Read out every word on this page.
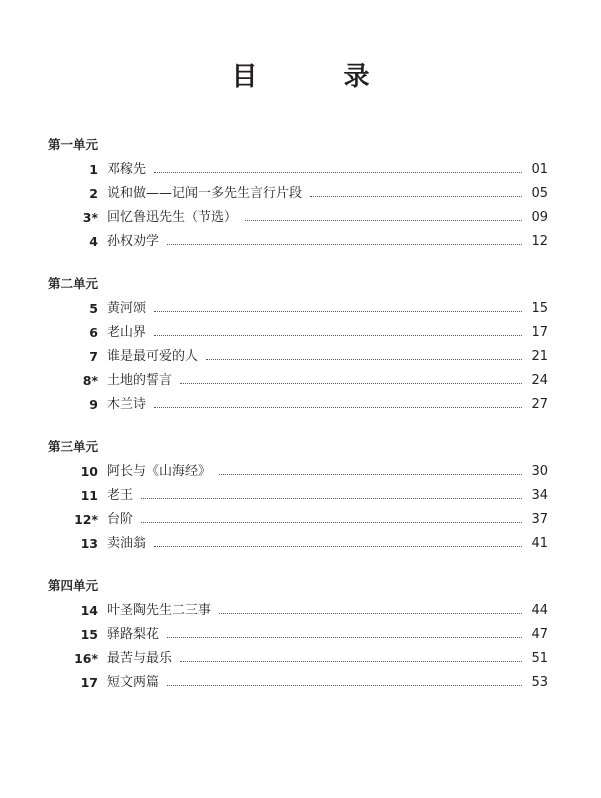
目　录
第一单元
1 邓稼先	01
2 说和做——记闻一多先生言行片段	05
3* 回忆鲁迅先生（节选）	09
4 孙权劝学	12
第二单元
5 黄河颂	15
6 老山界	17
7 谁是最可爱的人	21
8* 土地的誓言	24
9 木兰诗	27
第三单元
10 阿长与《山海经》	30
11 老王	34
12* 台阶	37
13 卖油翁	41
第四单元
14 叶圣陶先生二三事	44
15 驿路梨花	47
16* 最苦与最乐	51
17 短文两篇	53
